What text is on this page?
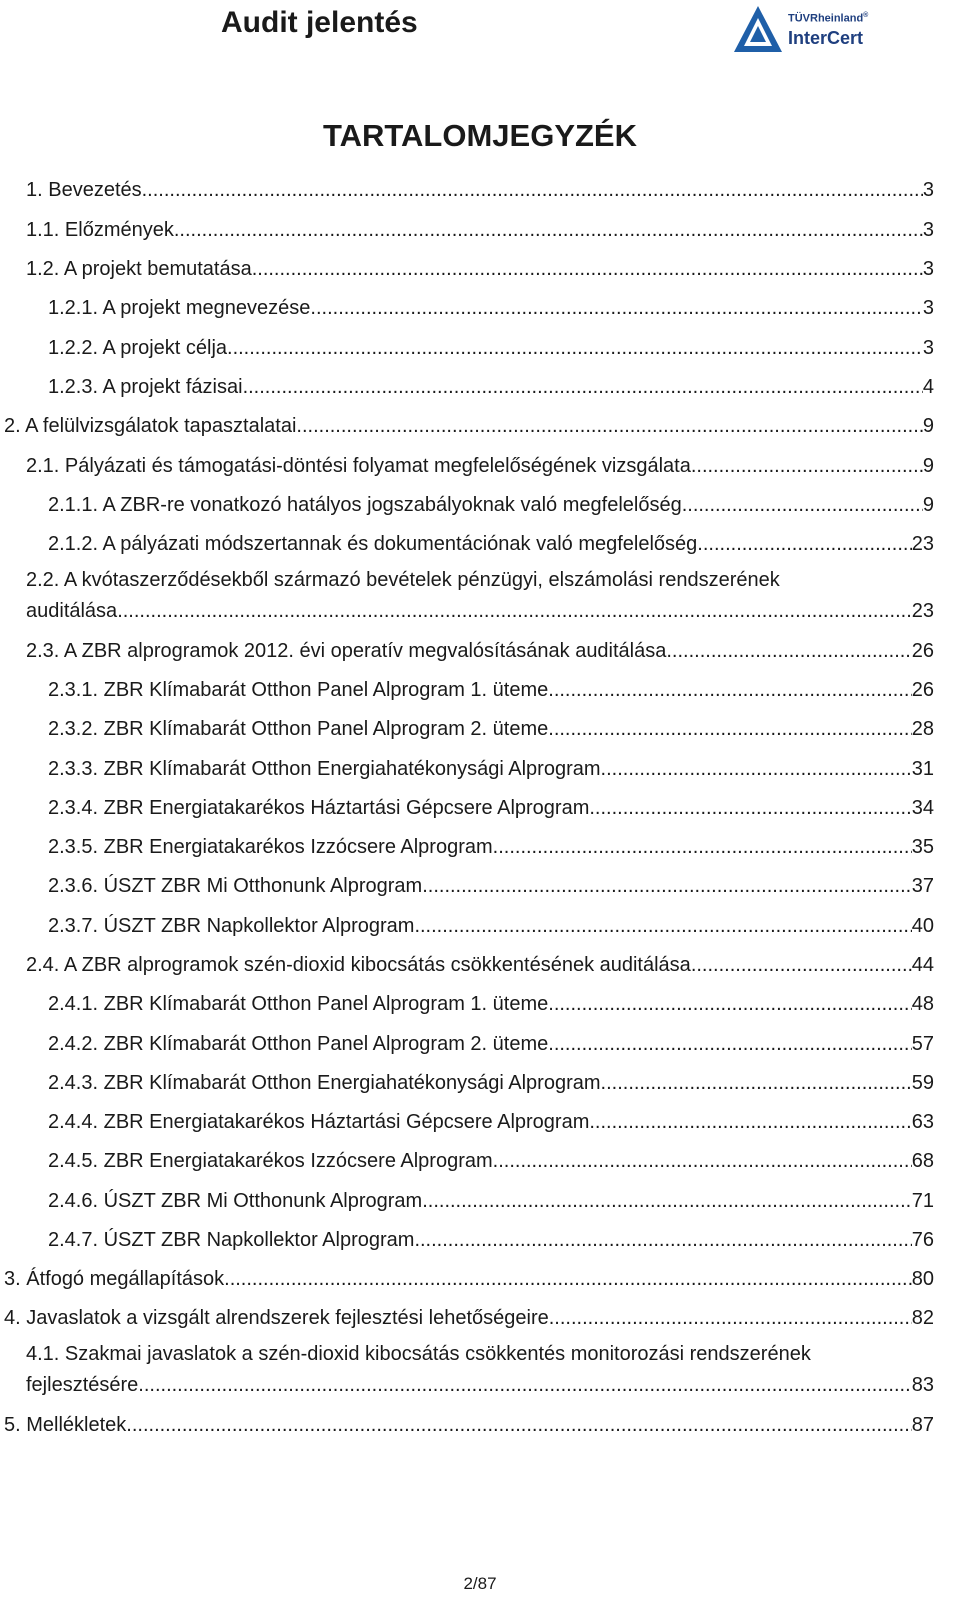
Audit jelentés	TÜVRheinland®
InterCert
TARTALOMJEGYZÉK
1. Bevezetés .....	3
1.1. Előzmények .....	3
1.2. A projekt bemutatása .....	3
1.2.1. A projekt megnevezése .....	3
1.2.2. A projekt célja .....	3
1.2.3. A projekt fázisai .....	4
2. A felülvizsgálatok tapasztalatai .....	9
2.1. Pályázati és támogatási-döntési folyamat megfelelőségének vizsgálata .....	9
2.1.1. A ZBR-re vonatkozó hatályos jogszabályoknak való megfelelőség .....	9
2.1.2. A pályázati módszertannak és dokumentációnak való megfelelőség .....	23
2.2. A kvótaszerződésekből származó bevételek pénzügyi, elszámolási rendszerének
auditálása .....	23
2.3. A ZBR alprogramok 2012. évi operatív megvalósításának auditálása .....	26
2.3.1. ZBR Klímabarát Otthon Panel Alprogram 1. üteme .....	26
2.3.2. ZBR Klímabarát Otthon Panel Alprogram 2. üteme .....	28
2.3.3. ZBR Klímabarát Otthon Energiahatékonysági Alprogram .....	31
2.3.4. ZBR Energiatakarékos Háztartási Gépcsere Alprogram .....	34
2.3.5. ZBR Energiatakarékos Izzócsere Alprogram .....	35
2.3.6. ÚSZT ZBR Mi Otthonunk Alprogram .....	37
2.3.7. ÚSZT ZBR Napkollektor Alprogram .....	40
2.4. A ZBR alprogramok szén-dioxid kibocsátás csökkentésének auditálása .....	44
2.4.1. ZBR Klímabarát Otthon Panel Alprogram 1. üteme .....	48
2.4.2. ZBR Klímabarát Otthon Panel Alprogram 2. üteme .....	57
2.4.3. ZBR Klímabarát Otthon Energiahatékonysági Alprogram .....	59
2.4.4. ZBR Energiatakarékos Háztartási Gépcsere Alprogram .....	63
2.4.5. ZBR Energiatakarékos Izzócsere Alprogram .....	68
2.4.6. ÚSZT ZBR Mi Otthonunk Alprogram .....	71
2.4.7. ÚSZT ZBR Napkollektor Alprogram .....	76
3. Átfogó megállapítások .....	80
4. Javaslatok a vizsgált alrendszerek fejlesztési lehetőségeire .....	82
4.1. Szakmai javaslatok a szén-dioxid kibocsátás csökkentés monitorozási rendszerének
fejlesztésére .....	83
5. Mellékletek .....	87
2/87
